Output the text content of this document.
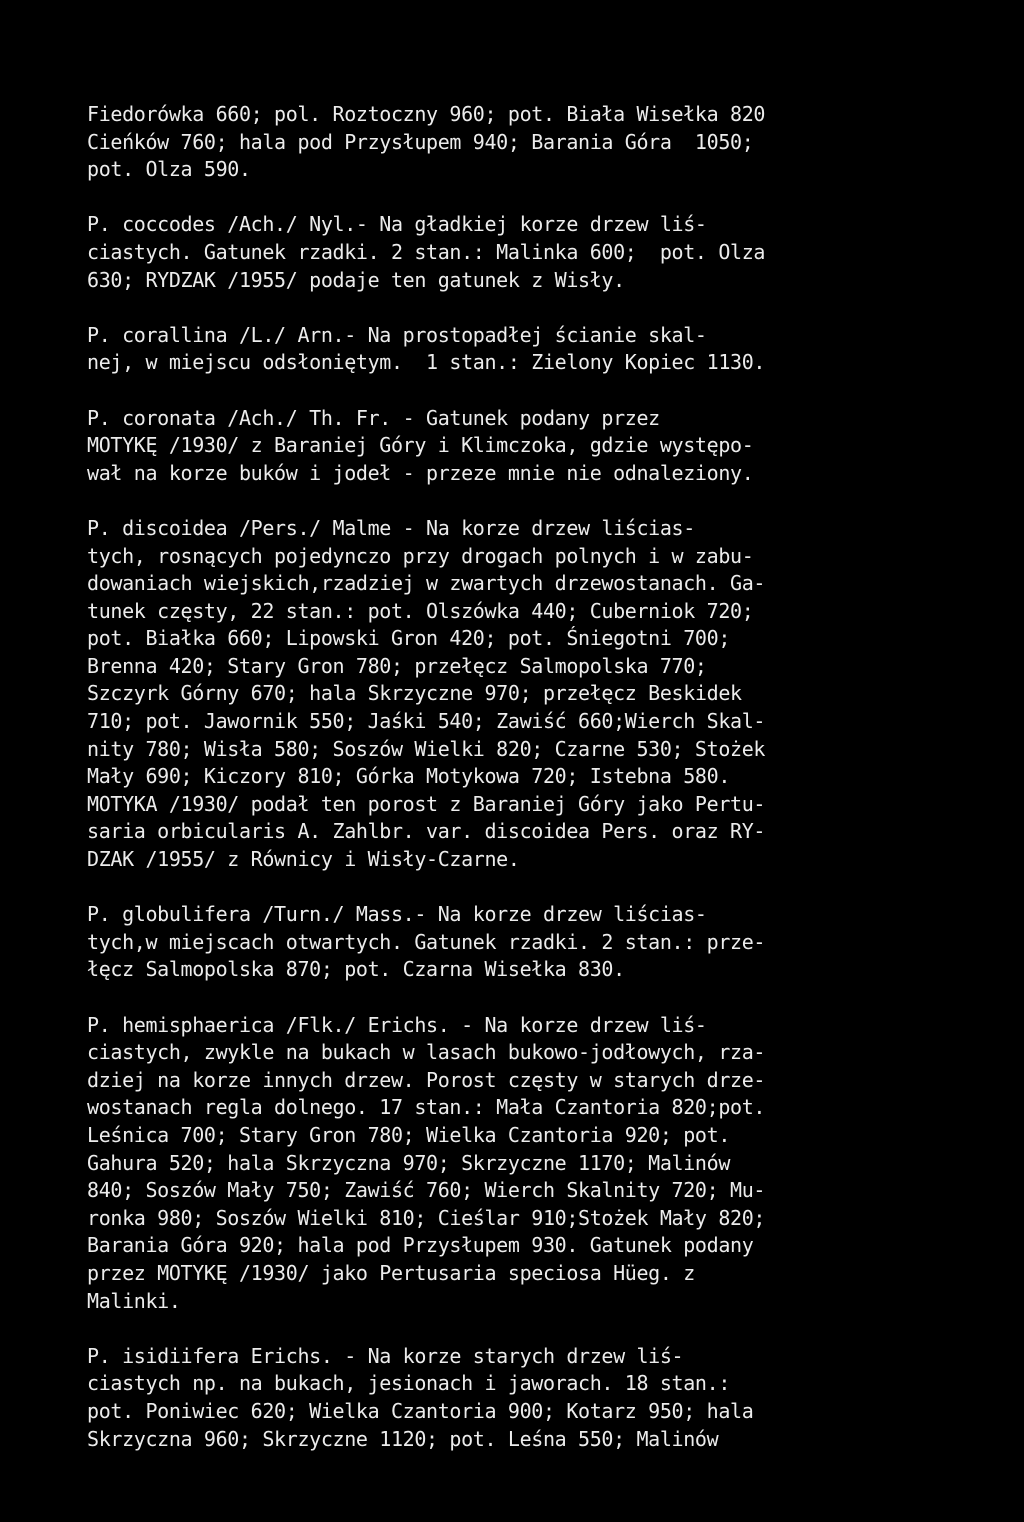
Fiedorówka 660; pol. Roztoczny 960; pot. Biała Wisełka 820
Cieńków 760; hala pod Przysłupem 940; Barania Góra  1050;
pot. Olza 590.
P. coccodes /Ach./ Nyl.- Na gładkiej korze drzew liś-
ciastych. Gatunek rzadki. 2 stan.: Malinka 600;  pot. Olza
630; RYDZAK /1955/ podaje ten gatunek z Wisły.
P. corallina /L./ Arn.- Na prostopadłej ścianie skal-
nej, w miejscu odsłoniętym.  1 stan.: Zielony Kopiec 1130.
P. coronata /Ach./ Th. Fr. - Gatunek podany przez
MOTYKĘ /1930/ z Baraniej Góry i Klimczoka, gdzie występo-
wał na korze buków i jodeł - przeze mnie nie odnaleziony.
P. discoidea /Pers./ Malme - Na korze drzew liścias-
tych, rosnących pojedynczo przy drogach polnych i w zabu-
dowaniach wiejskich,rzadziej w zwartych drzewostanach. Ga-
tunek częsty, 22 stan.: pot. Olszówka 440; Cuberniok 720;
pot. Białka 660; Lipowski Gron 420; pot. Śniegotni 700;
Brenna 420; Stary Gron 780; przełęcz Salmopolska 770;
Szczyrk Górny 670; hala Skrzyczne 970; przełęcz Beskidek
710; pot. Jawornik 550; Jaśki 540; Zawiść 660;Wierch Skal-
nity 780; Wisła 580; Soszów Wielki 820; Czarne 530; Stożek
Mały 690; Kiczory 810; Górka Motykowa 720; Istebna 580.
MOTYKA /1930/ podał ten porost z Baraniej Góry jako Pertu-
saria orbicularis A. Zahlbr. var. discoidea Pers. oraz RY-
DZAK /1955/ z Równicy i Wisły-Czarne.
P. globulifera /Turn./ Mass.- Na korze drzew liścias-
tych,w miejscach otwartych. Gatunek rzadki. 2 stan.: prze-
łęcz Salmopolska 870; pot. Czarna Wisełka 830.
P. hemisphaerica /Flk./ Erichs. - Na korze drzew liś-
ciastych, zwykle na bukach w lasach bukowo-jodłowych, rza-
dziej na korze innych drzew. Porost częsty w starych drze-
wostanach regla dolnego. 17 stan.: Mała Czantoria 820;pot.
Leśnica 700; Stary Gron 780; Wielka Czantoria 920; pot.
Gahura 520; hala Skrzyczna 970; Skrzyczne 1170; Malinów
840; Soszów Mały 750; Zawiść 760; Wierch Skalnity 720; Mu-
ronka 980; Soszów Wielki 810; Cieślar 910;Stożek Mały 820;
Barania Góra 920; hala pod Przysłupem 930. Gatunek podany
przez MOTYKĘ /1930/ jako Pertusaria speciosa Hüeg. z
Malinki.
P. isidiifera Erichs. - Na korze starych drzew liś-
ciastych np. na bukach, jesionach i jaworach. 18 stan.:
pot. Poniwiec 620; Wielka Czantoria 900; Kotarz 950; hala
Skrzyczna 960; Skrzyczne 1120; pot. Leśna 550; Malinów
